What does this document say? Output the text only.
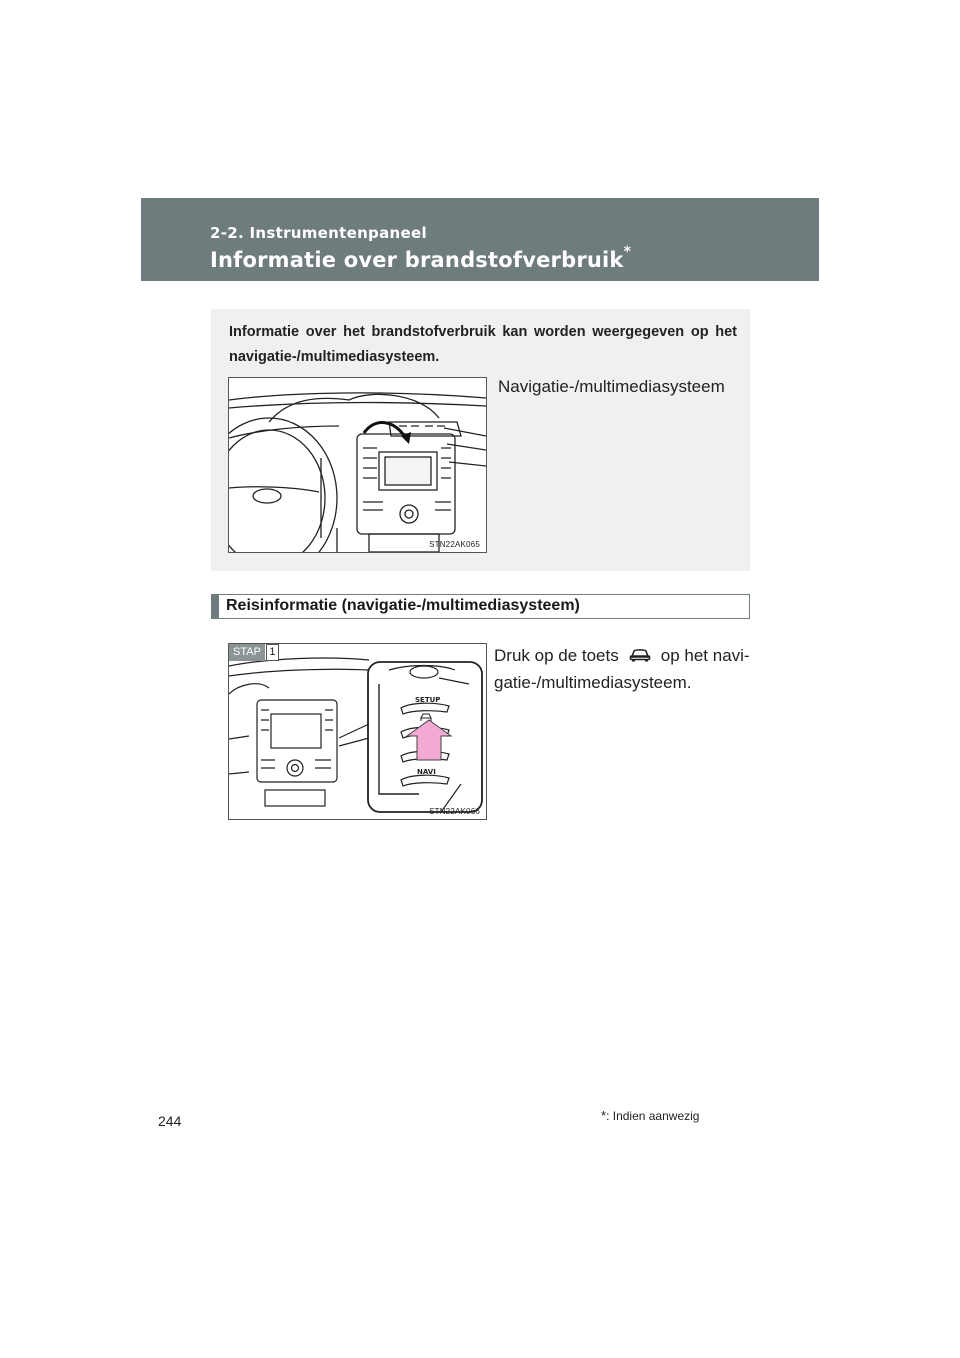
2-2. Instrumentenpaneel
Informatie over brandstofverbruik*
Informatie over het brandstofverbruik kan worden weergegeven op het navigatie-/multimediasysteem.
STN22AK065
Navigatie-/multimediasysteem
Reisinformatie (navigatie-/multimediasysteem)
SETUP
NAVI
STAP 1
STN22AK066
Druk op de toets op het navi-gatie-/multimediasysteem.
*: Indien aanwezig
244
